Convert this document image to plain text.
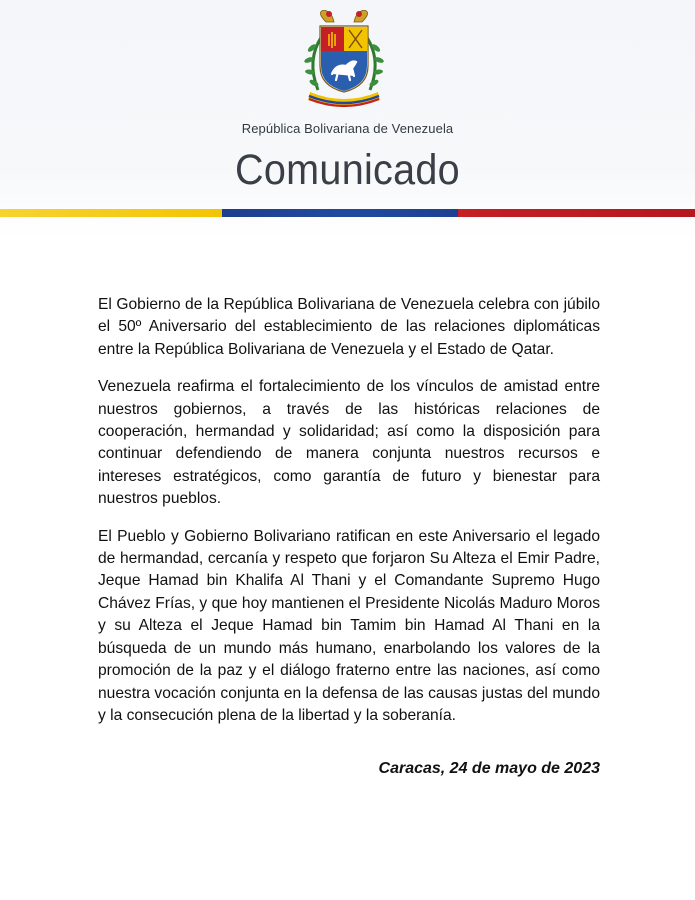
República Bolivariana de Venezuela
Comunicado
★ ★ ★ ★ ★ ★ ★ ★

El Gobierno de la República Bolivariana de Venezuela celebra con júbilo el 50º Aniversario del establecimiento de las relaciones diplomáticas entre la República Bolivariana de Venezuela y el Estado de Qatar.

Venezuela reafirma el fortalecimiento de los vínculos de amistad entre nuestros gobiernos, a través de las históricas relaciones de cooperación, hermandad y solidaridad; así como la disposición para continuar defendiendo de manera conjunta nuestros recursos e intereses estratégicos, como garantía de futuro y bienestar para nuestros pueblos.

El Pueblo y Gobierno Bolivariano ratifican en este Aniversario el legado de hermandad, cercanía y respeto que forjaron Su Alteza el Emir Padre, Jeque Hamad bin Khalifa Al Thani y el Comandante Supremo Hugo Chávez Frías, y que hoy mantienen el Presidente Nicolás Maduro Moros y su Alteza el Jeque Hamad bin Tamim bin Hamad Al Thani en la búsqueda de un mundo más humano, enarbolando los valores de la promoción de la paz y el diálogo fraterno entre las naciones, así como nuestra vocación conjunta en la defensa de las causas justas del mundo y la consecución plena de la libertad y la soberanía.

Caracas, 24 de mayo de 2023
